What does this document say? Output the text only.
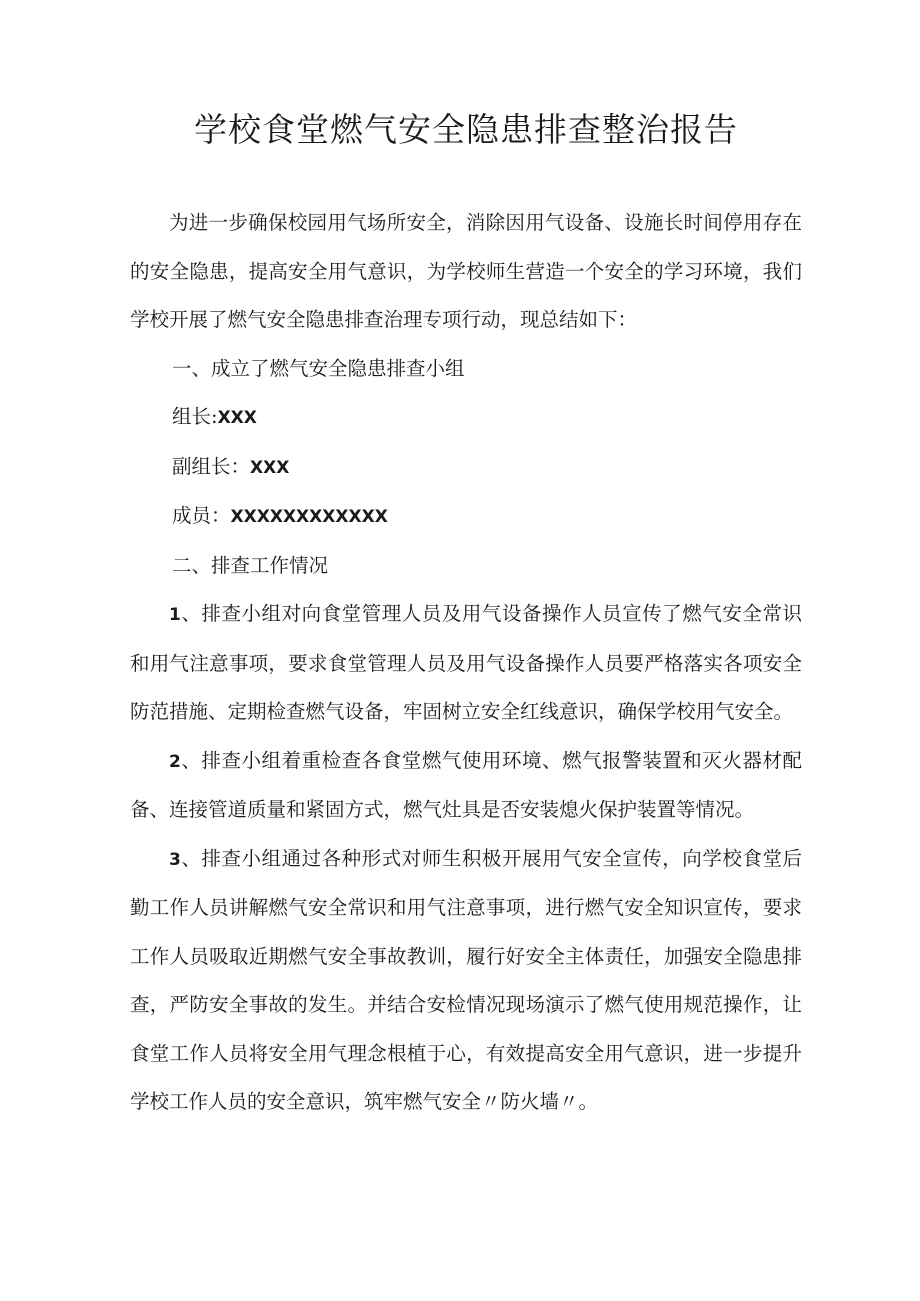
学校食堂燃气安全隐患排查整治报告

为进一步确保校园用气场所安全，消除因用气设备、设施长时间停用存在的安全隐患，提高安全用气意识，为学校师生营造一个安全的学习环境，我们学校开展了燃气安全隐患排查治理专项行动，现总结如下：

一、成立了燃气安全隐患排查小组

组长:XXX

副组长：XXX

成员：XXXXXXXXXXXX

二、排查工作情况

1、排查小组对向食堂管理人员及用气设备操作人员宣传了燃气安全常识和用气注意事项，要求食堂管理人员及用气设备操作人员要严格落实各项安全防范措施、定期检查燃气设备，牢固树立安全红线意识，确保学校用气安全。

2、排查小组着重检查各食堂燃气使用环境、燃气报警装置和灭火器材配备、连接管道质量和紧固方式，燃气灶具是否安装熄火保护装置等情况。

3、排查小组通过各种形式对师生积极开展用气安全宣传，向学校食堂后勤工作人员讲解燃气安全常识和用气注意事项，进行燃气安全知识宣传，要求工作人员吸取近期燃气安全事故教训，履行好安全主体责任，加强安全隐患排查，严防安全事故的发生。并结合安检情况现场演示了燃气使用规范操作，让食堂工作人员将安全用气理念根植于心，有效提高安全用气意识，进一步提升学校工作人员的安全意识，筑牢燃气安全〃防火墙〃。
